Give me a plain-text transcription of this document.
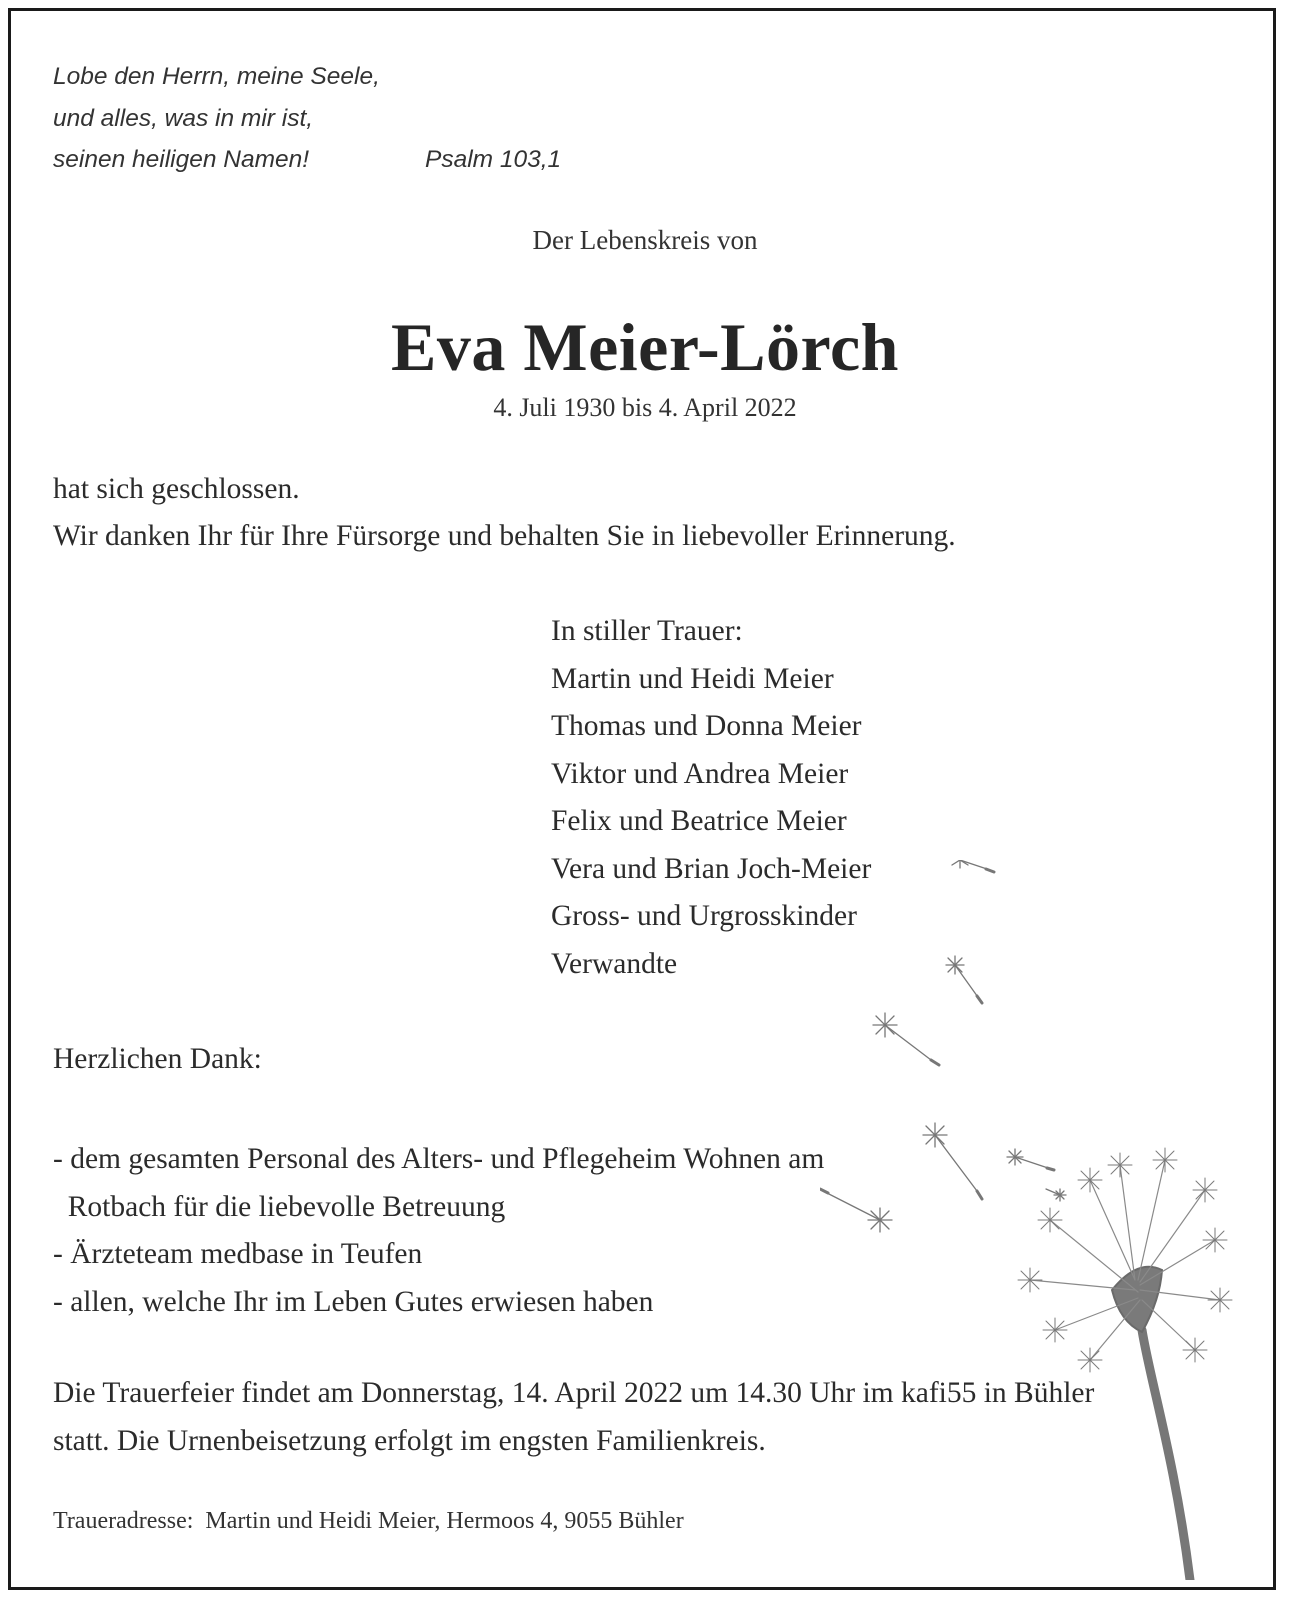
Lobe den Herrn, meine Seele,
und alles, was in mir ist,
seinen heiligen Namen!	Psalm 103,1
Der Lebenskreis von
Eva Meier-Lörch
4. Juli 1930 bis 4. April 2022
hat sich geschlossen.
Wir danken Ihr für Ihre Fürsorge und behalten Sie in liebevoller Erinnerung.
In stiller Trauer:
Martin und Heidi Meier
Thomas und Donna Meier
Viktor und Andrea Meier
Felix und Beatrice Meier
Vera und Brian Joch-Meier
Gross- und Urgrosskinder
Verwandte
Herzlichen Dank:
- dem gesamten Personal des Alters- und Pflegeheim Wohnen am
Rotbach für die liebevolle Betreuung
- Ärzteteam medbase in Teufen
- allen, welche Ihr im Leben Gutes erwiesen haben
Die Trauerfeier findet am Donnerstag, 14. April 2022 um 14.30 Uhr im kafi55 in Bühler
statt. Die Urnenbeisetzung erfolgt im engsten Familienkreis.
Traueradresse:  Martin und Heidi Meier, Hermoos 4, 9055 Bühler
